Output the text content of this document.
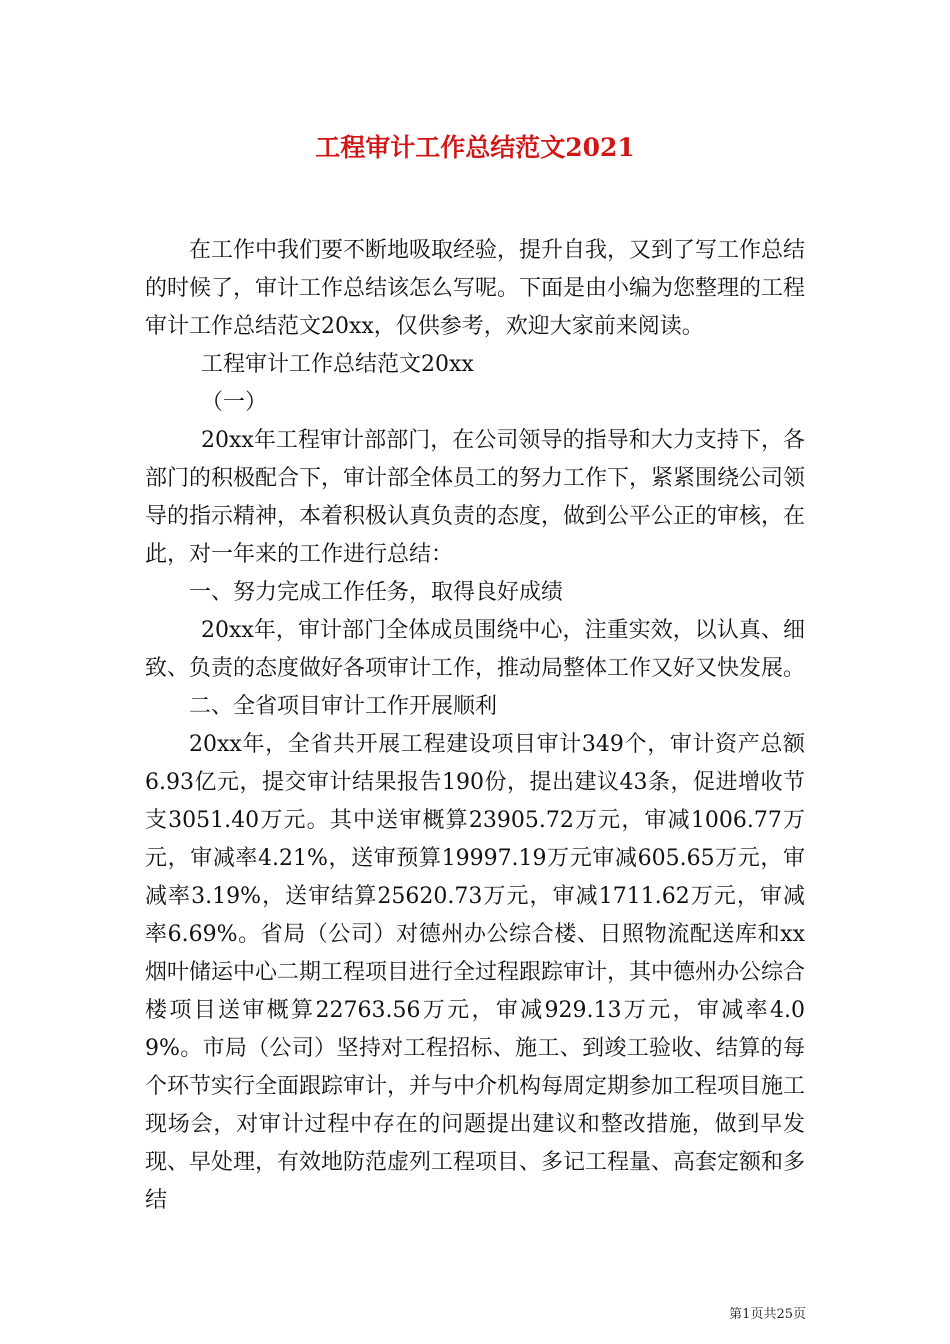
工程审计工作总结范文2021

在工作中我们要不断地吸取经验，提升自我，又到了写工作总结的时候了，审计工作总结该怎么写呢。下面是由小编为您整理的工程审计工作总结范文20xx，仅供参考，欢迎大家前来阅读。

工程审计工作总结范文20xx

（一）

20xx年工程审计部部门，在公司领导的指导和大力支持下，各部门的积极配合下，审计部全体员工的努力工作下，紧紧围绕公司领导的指示精神，本着积极认真负责的态度，做到公平公正的审核，在此，对一年来的工作进行总结：

一、努力完成工作任务，取得良好成绩

20xx年，审计部门全体成员围绕中心，注重实效，以认真、细致、负责的态度做好各项审计工作，推动局整体工作又好又快发展。

二、全省项目审计工作开展顺利

20xx年，全省共开展工程建设项目审计349个，审计资产总额6.93亿元，提交审计结果报告190份，提出建议43条，促进增收节支3051.40万元。其中送审概算23905.72万元，审减1006.77万元，审减率4.21%，送审预算19997.19万元审减605.65万元，审减率3.19%，送审结算25620.73万元，审减1711.62万元，审减率6.69%。省局（公司）对德州办公综合楼、日照物流配送库和xx烟叶储运中心二期工程项目进行全过程跟踪审计，其中德州办公综合楼项目送审概算22763.56万元，审减929.13万元，审减率4.09%。市局（公司）坚持对工程招标、施工、到竣工验收、结算的每个环节实行全面跟踪审计，并与中介机构每周定期参加工程项目施工现场会，对审计过程中存在的问题提出建议和整改措施，做到早发现、早处理，有效地防范虚列工程项目、多记工程量、高套定额和多结

第1页共25页
